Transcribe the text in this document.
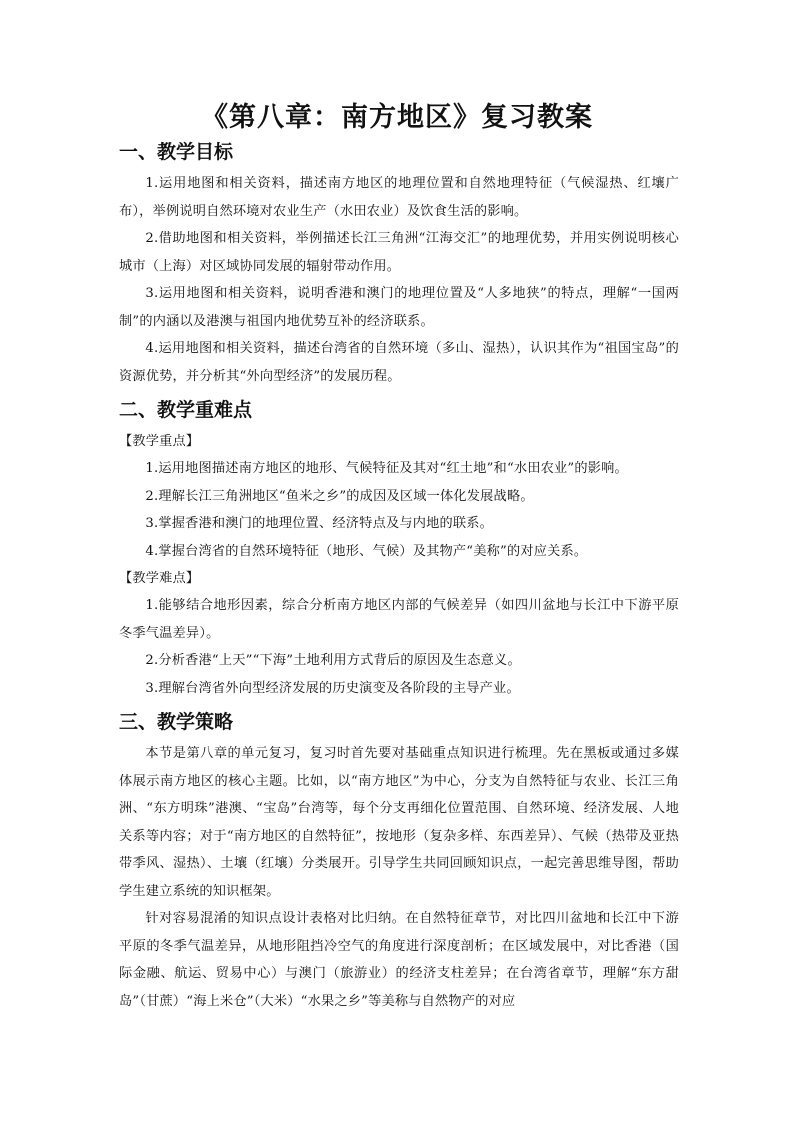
《第八章：南方地区》复习教案
一、教学目标

1.运用地图和相关资料，描述南方地区的地理位置和自然地理特征（气候湿热、红壤广布），举例说明自然环境对农业生产（水田农业）及饮食生活的影响。

2.借助地图和相关资料，举例描述长江三角洲“江海交汇”的地理优势，并用实例说明核心城市（上海）对区域协同发展的辐射带动作用。

3.运用地图和相关资料，说明香港和澳门的地理位置及“人多地狭”的特点，理解“一国两制”的内涵以及港澳与祖国内地优势互补的经济联系。

4.运用地图和相关资料，描述台湾省的自然环境（多山、湿热），认识其作为“祖国宝岛”的资源优势，并分析其“外向型经济”的发展历程。

二、教学重难点

【教学重点】

1.运用地图描述南方地区的地形、气候特征及其对“红土地”和“水田农业”的影响。

2.理解长江三角洲地区“鱼米之乡”的成因及区域一体化发展战略。

3.掌握香港和澳门的地理位置、经济特点及与内地的联系。

4.掌握台湾省的自然环境特征（地形、气候）及其物产“美称”的对应关系。

【教学难点】

1.能够结合地形因素，综合分析南方地区内部的气候差异（如四川盆地与长江中下游平原冬季气温差异）。

2.分析香港“上天”“下海”土地利用方式背后的原因及生态意义。

3.理解台湾省外向型经济发展的历史演变及各阶段的主导产业。

三、教学策略

本节是第八章的单元复习，复习时首先要对基础重点知识进行梳理。先在黑板或通过多媒体展示南方地区的核心主题。比如，以“南方地区”为中心，分支为自然特征与农业、长江三角洲、“东方明珠”港澳、“宝岛”台湾等，每个分支再细化位置范围、自然环境、经济发展、人地关系等内容；对于“南方地区的自然特征”，按地形（复杂多样、东西差异）、气候（热带及亚热带季风、湿热）、土壤（红壤）分类展开。引导学生共同回顾知识点，一起完善思维导图，帮助学生建立系统的知识框架。

针对容易混淆的知识点设计表格对比归纳。在自然特征章节，对比四川盆地和长江中下游平原的冬季气温差异，从地形阻挡冷空气的角度进行深度剖析；在区域发展中，对比香港（国际金融、航运、贸易中心）与澳门（旅游业）的经济支柱差异；在台湾省章节，理解“东方甜岛”（甘蔗）“海上米仓”（大米）“水果之乡”等美称与自然物产的对应
